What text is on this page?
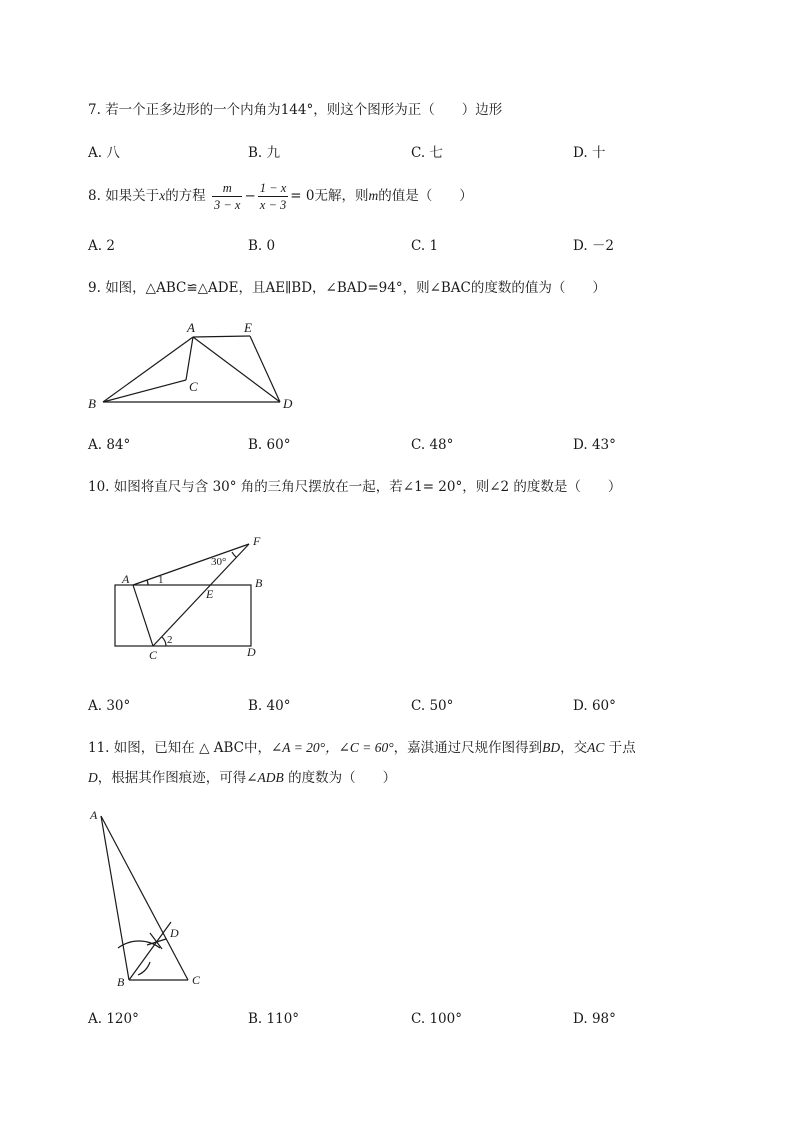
7. 若一个正多边形的一个内角为144°，则这个图形为正（　　）边形
A. 八	B. 九	C. 七	D. 十
8. 如果关于x的方程 $\frac{m}{3 - x} - \frac{1 - x}{x - 3} = 0$无解，则m的值是（　　）
A. 2	B. 0	C. 1	D. －2
9. 如图，△ABC≌△ADE，且AE∥BD，∠BAD=94°，则∠BAC的度数的值为（　　）
A	E
C
B	D
A. 84°	B. 60°	C. 48°	D. 43°
10. 如图将直尺与含 30° 角的三角尺摆放在一起，若∠1= 20°，则∠2 的度数是（　　）
F
A	B
E
C	D
1
2
30°
A. 30°	B. 40°	C. 50°	D. 60°
11. 如图，已知在 △ ABC中，∠A = 20°，∠C = 60°，嘉淇通过尺规作图得到BD，交AC 于点
D，根据其作图痕迹，可得∠ADB 的度数为（　　）
A
D
B	C
A. 120°	B. 110°	C. 100°	D. 98°
